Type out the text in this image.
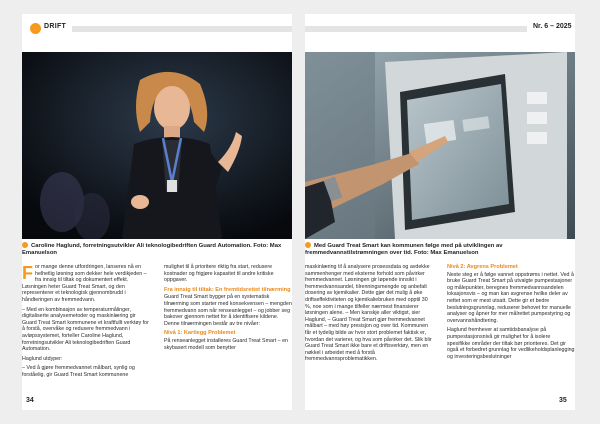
DRIFT
Caroline Haglund, forretningsutvikler Ali teknologibedriften Guard Automation. Foto: Max Emanuelson
F or mange denne utfordringen, lanseres nå en helhetlig løsning som dekker hele verdikjeden – fra innsig til tiltak og dokumentert effekt. Løsningen heter Guard Treat Smart, og den representerer et teknologisk gjennombrudd i håndteringen av fremmedvann.

– Med en kombinasjon av temperaturmålinger, digitaliserte analysemetoder og maskinlæring gir Guard Treat Smart kommunene et kraftfullt verktøy for å forstå, overvåke og redusere fremmedvann i avløpssystemet, forteller Caroline Haglund, forretningsutvikler Ali teknologibedriften Guard Automation.

Haglund utdyper:

– Ved å gjøre fremmedvannet målbart, synlig og forståelig, gir Guard Treat Smart kommunene

mulighet til å prioritere riktig fra start, redusere kostnader og frigjøre kapasitet til andre kritiske oppgaver.

Fra innsig til tiltak: En fremtidsrettet tilnærming

Guard Treat Smart bygger på en systematisk tilnærming som starter med konsekvensen – mengden fremmedvann som når renseanlegget – og jobber seg bakover gjennom nettet for å identifisere kildene. Denne tilnærmingen består av tre nivåer:

Nivå 1: Kartlegg Problemet

På renseanlegget installeres Guard Treat Smart – en skybasert modell som benytter

34
Nr. 6 – 2025
Med Guard Treat Smart kan kommunen følge med på utviklingen av fremmedvannstilstrømningen over tid. Foto: Max Emanuelson

maskinlæring til å analysere prosessdata og avdekke sammenhenger med eksterne forhold som påvirker fremmedvannet. Løsningen gir løpende innsikt i fremmedvannsandel, tilrenningsmengde og anbefalt dosering av kjemikalier. Dette gjør det mulig å øke driftseffektiviteten og kjemikaliebruken med opptil 30 %, noe som i mange tilfeller nærmest finansierer løsningen alene. – Men kanskje aller viktigst, sier Haglund, – Guard Treat Smart gjør fremmedvannet målbart – med høy presisjon og over tid. Kommunen får et tydelig bilde av hvor stort problemet faktisk er, hvordan det varierer, og hva som påvirker det. Slik blir Guard Treat Smart ikke bare et driftsverktøy, men en nøkkel i arbeidet med å forstå fremmedvannsproblematikken.

Nivå 2: Avgrens Problemet

Neste steg er å følge vannet oppstrøms i nettet. Ved å bruke Guard Treat Smart på utvalgte pumpestasjoner og målepunkter, beregnes fremmedvannsandelen lokasjonsvis – og man kan avgrense hvilke deler av nettet som er mest utsatt. Dette gir et bedre beslutningsgrunnlag, reduserer behovet for manuelle analyser og åpner for mer målrettet pumpestyring og overvannshåndtering.

Haglund fremhever at samtidsbanalyse på pumpestasjonsnivå gir mulighet for å isolere spesifikke områder der tiltak bør prioriteres. Det gir også et forbedret grunnlag for vedlikeholdsplanlegging og investeringsbeslutninger

35
